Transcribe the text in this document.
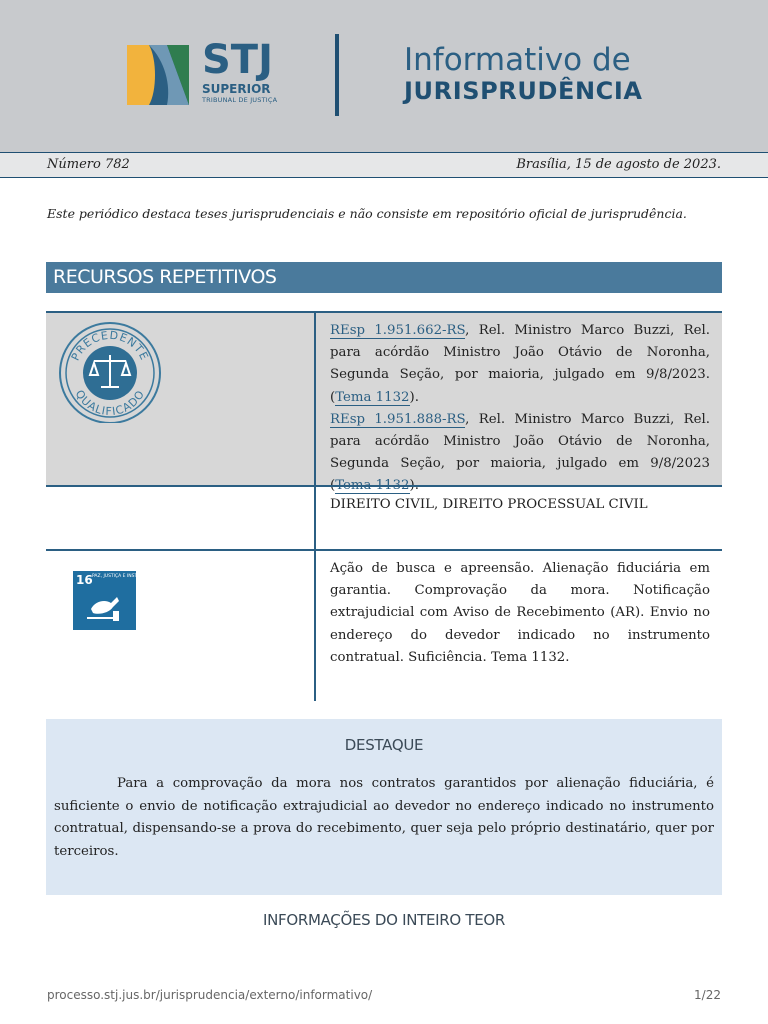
STJ
SUPERIOR
TRIBUNAL DE JUSTIÇA
Informativo de
JURISPRUDÊNCIA
Número 782	Brasília, 15 de agosto de 2023.
Este periódico destaca teses jurisprudenciais e não consiste em repositório oficial de jurisprudência.
RECURSOS REPETITIVOS
PRECEDENTE
QUALIFICADO
REsp 1.951.662-RS, Rel. Ministro Marco Buzzi, Rel. para acórdão Ministro João Otávio de Noronha, Segunda Seção, por maioria, julgado em 9/8/2023. (Tema 1132).
REsp 1.951.888-RS, Rel. Ministro Marco Buzzi, Rel. para acórdão Ministro João Otávio de Noronha, Segunda Seção, por maioria, julgado em 9/8/2023 (Tema 1132).
DIREITO CIVIL, DIREITO PROCESSUAL CIVIL
16 PAZ, JUSTIÇA E INSTITUIÇÕES EFICAZES
Ação de busca e apreensão. Alienação fiduciária em garantia. Comprovação da mora. Notificação extrajudicial com Aviso de Recebimento (AR). Envio no endereço do devedor indicado no instrumento contratual. Suficiência. Tema 1132.
DESTAQUE
Para a comprovação da mora nos contratos garantidos por alienação fiduciária, é suficiente o envio de notificação extrajudicial ao devedor no endereço indicado no instrumento contratual, dispensando-se a prova do recebimento, quer seja pelo próprio destinatário, quer por terceiros.
INFORMAÇÕES DO INTEIRO TEOR
processo.stj.jus.br/jurisprudencia/externo/informativo/	1/22
